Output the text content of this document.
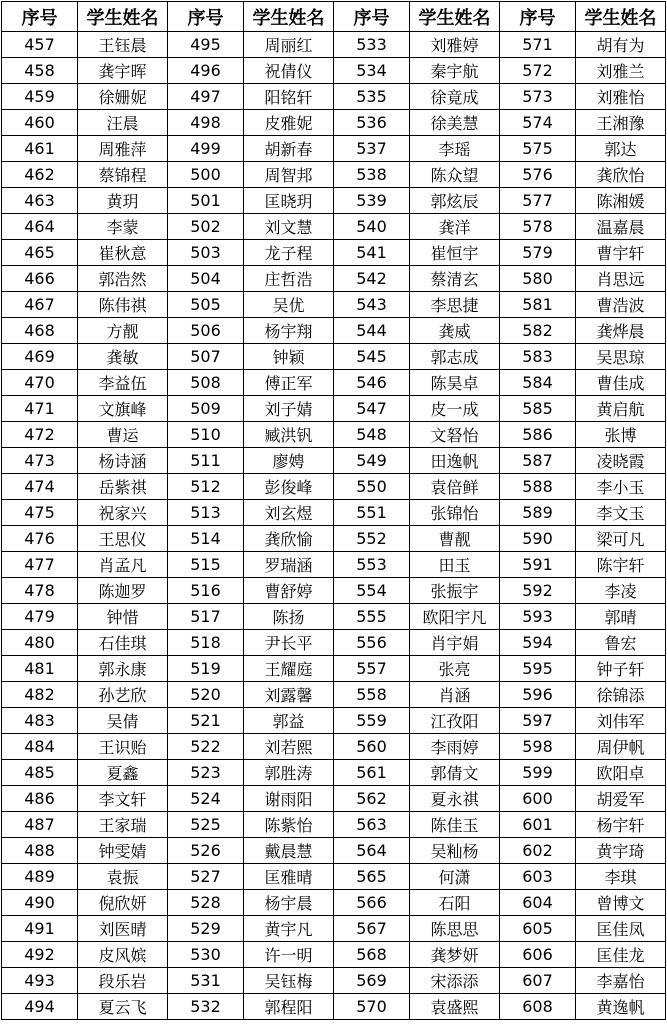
序号	学生姓名	序号	学生姓名	序号	学生姓名	序号	学生姓名
457	王钰晨	495	周丽红	533	刘雅婷	571	胡有为
458	龚宇晖	496	祝倩仪	534	秦宇航	572	刘雅兰
459	徐姗妮	497	阳铭轩	535	徐竟成	573	刘雅怡
460	汪晨	498	皮雅妮	536	徐美慧	574	王湘豫
461	周雅萍	499	胡新春	537	李瑶	575	郭达
462	蔡锦程	500	周智邦	538	陈众望	576	龚欣怡
463	黄玥	501	匡晓玥	539	郭炫辰	577	陈湘媛
464	李蒙	502	刘文慧	540	龚洋	578	温嘉晨
465	崔秋意	503	龙子程	541	崔恒宇	579	曹宇轩
466	郭浩然	504	庄哲浩	542	蔡清玄	580	肖思远
467	陈伟祺	505	吴优	543	李思捷	581	曹浩波
468	方靓	506	杨宇翔	544	龚威	582	龚烨晨
469	龚敏	507	钟颖	545	郭志成	583	吴思琼
470	李益伍	508	傅正军	546	陈昊卓	584	曹佳成
471	文旗峰	509	刘子婧	547	皮一成	585	黄启航
472	曹运	510	臧洪钒	548	文砮怡	586	张博
473	杨诗涵	511	廖娉	549	田逸帆	587	凌晓霞
474	岳紫祺	512	彭俊峰	550	袁倍鲜	588	李小玉
475	祝家兴	513	刘玄煜	551	张锦怡	589	李文玉
476	王思仪	514	龚欣愉	552	曹靓	590	梁可凡
477	肖孟凡	515	罗瑞涵	553	田玉	591	陈宇轩
478	陈迦罗	516	曹舒婷	554	张振宇	592	李凌
479	钟惜	517	陈扬	555	欧阳宇凡	593	郭晴
480	石佳琪	518	尹长平	556	肖宇娟	594	鲁宏
481	郭永康	519	王耀庭	557	张亮	595	钟子轩
482	孙艺欣	520	刘露馨	558	肖涵	596	徐锦添
483	吴倩	521	郭益	559	江孜阳	597	刘伟军
484	王识贻	522	刘若熙	560	李雨婷	598	周伊帆
485	夏鑫	523	郭胜涛	561	郭倩文	599	欧阳卓
486	李文轩	524	谢雨阳	562	夏永祺	600	胡爱军
487	王家瑞	525	陈紫怡	563	陈佳玉	601	杨宇轩
488	钟雯婧	526	戴晨慧	564	吴籼杨	602	黄宇琦
489	袁振	527	匡雅晴	565	何潇	603	李琪
490	倪欣妍	528	杨宇晨	566	石阳	604	曾博文
491	刘医晴	529	黄宇凡	567	陈思思	605	匡佳凤
492	皮风嫔	530	许一明	568	龚梦妍	606	匡佳龙
493	段乐岩	531	吴钰梅	569	宋添添	607	李嘉怡
494	夏云飞	532	郭程阳	570	袁盛熙	608	黄逸帆
